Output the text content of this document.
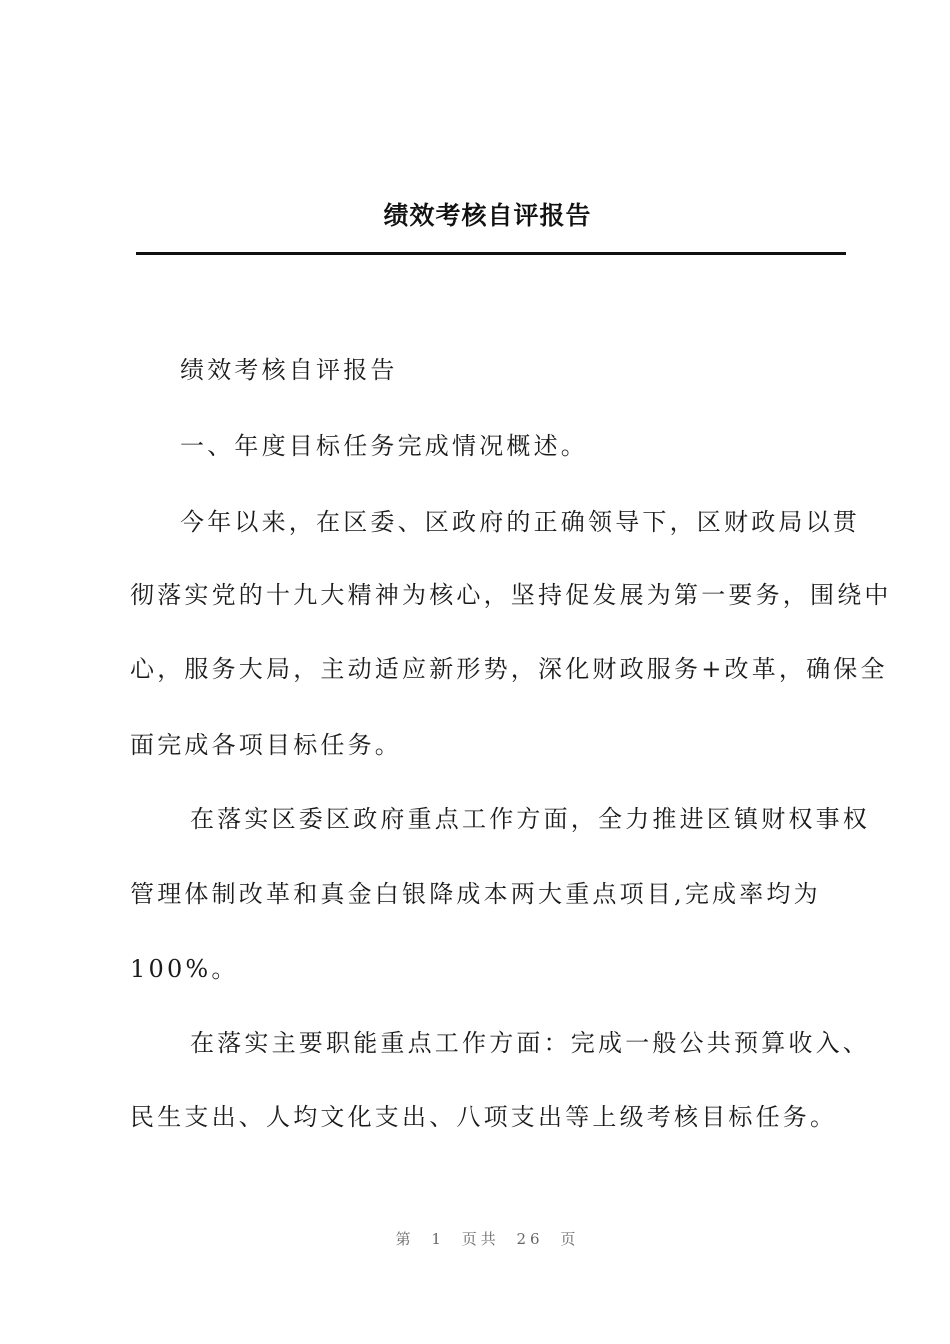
绩效考核自评报告
绩效考核自评报告
一、年度目标任务完成情况概述。
今年以来，在区委、区政府的正确领导下，区财政局以贯
彻落实党的十九大精神为核心，坚持促发展为第一要务，围绕中
心，服务大局，主动适应新形势，深化财政服务+改革，确保全
面完成各项目标任务。
在落实区委区政府重点工作方面，全力推进区镇财权事权
管理体制改革和真金白银降成本两大重点项目,完成率均为
100%。
在落实主要职能重点工作方面：完成一般公共预算收入、
民生支出、人均文化支出、八项支出等上级考核目标任务。
第 1 页共 26 页
